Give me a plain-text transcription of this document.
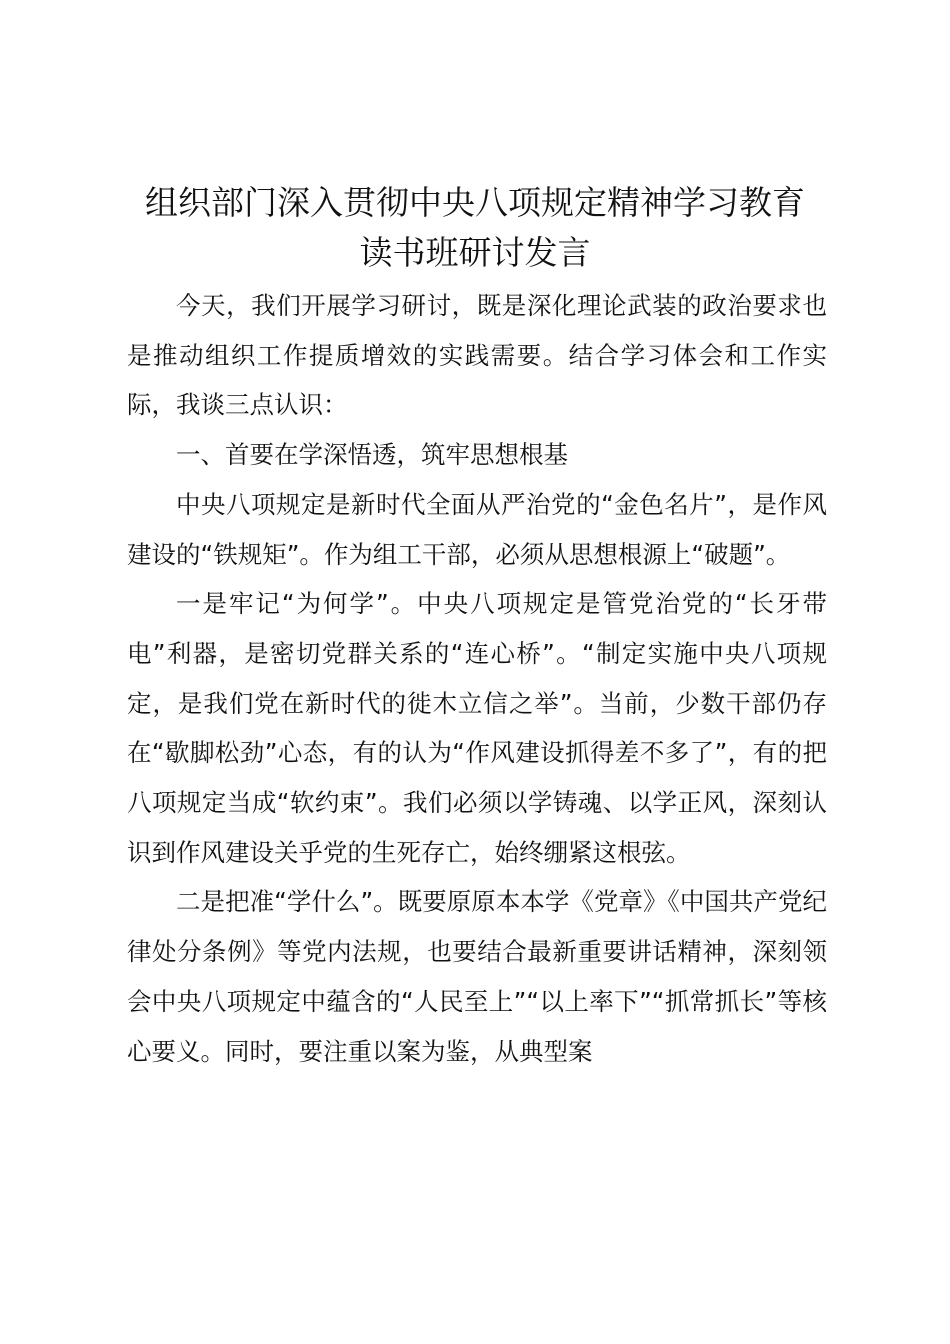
组织部门深入贯彻中央八项规定精神学习教育
读书班研讨发言

今天，我们开展学习研讨，既是深化理论武装的政治要求也是推动组织工作提质增效的实践需要。结合学习体会和工作实际，我谈三点认识：

一、首要在学深悟透，筑牢思想根基

中央八项规定是新时代全面从严治党的“金色名片”，是作风建设的“铁规矩”。作为组工干部，必须从思想根源上“破题”。

一是牢记“为何学”。中央八项规定是管党治党的“长牙带电”利器，是密切党群关系的“连心桥”。“制定实施中央八项规定，是我们党在新时代的徙木立信之举”。当前，少数干部仍存在“歇脚松劲”心态，有的认为“作风建设抓得差不多了”，有的把八项规定当成“软约束”。我们必须以学铸魂、以学正风，深刻认识到作风建设关乎党的生死存亡，始终绷紧这根弦。

二是把准“学什么”。既要原原本本学《党章》《中国共产党纪律处分条例》等党内法规，也要结合最新重要讲话精神，深刻领会中央八项规定中蕴含的“人民至上”“以上率下”“抓常抓长”等核心要义。同时，要注重以案为鉴，从典型案
